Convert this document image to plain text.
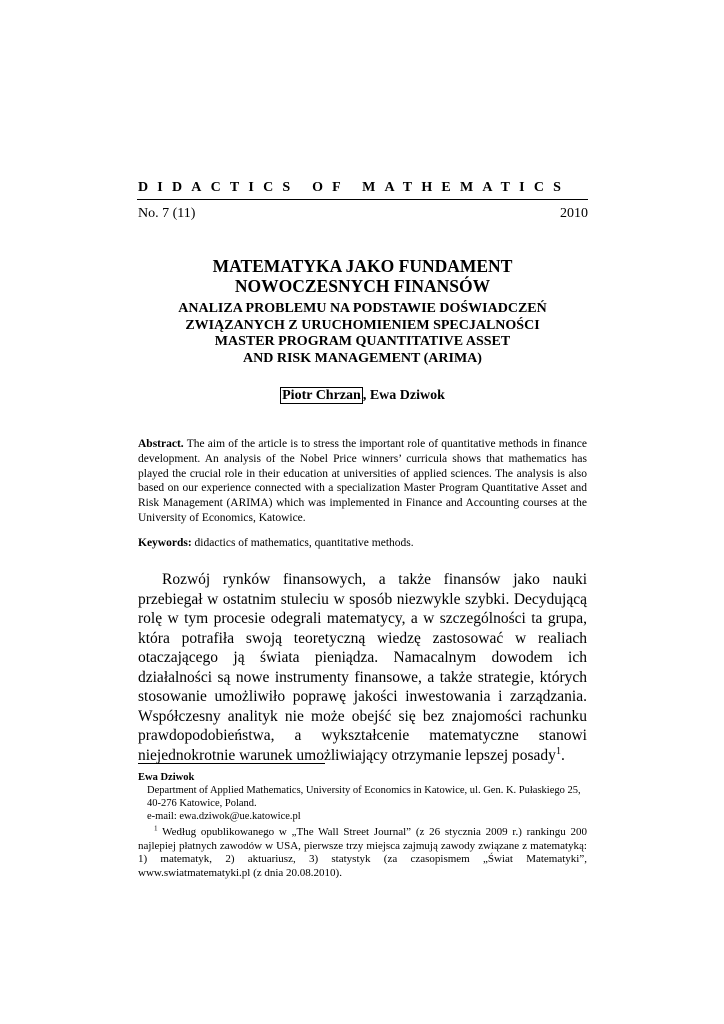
DIDACTICS OF MATHEMATICS
No. 7 (11)	2010
MATEMATYKA JAKO FUNDAMENT
NOWOCZESNYCH FINANSÓW
ANALIZA PROBLEMU NA PODSTAWIE DOŚWIADCZEŃ
ZWIĄZANYCH Z URUCHOMIENIEM SPECJALNOŚCI
MASTER PROGRAM QUANTITATIVE ASSET
AND RISK MANAGEMENT (ARIMA)
Piotr Chrzan , Ewa Dziwok
Abstract. The aim of the article is to stress the important role of quantitative methods in finance development. An analysis of the Nobel Price winners’ curricula shows that mathematics has played the crucial role in their education at universities of applied sciences. The analysis is also based on our experience connected with a specialization Master Program Quantitative Asset and Risk Management (ARIMA) which was implemented in Finance and Accounting courses at the University of Economics, Katowice.
Keywords: didactics of mathematics, quantitative methods.
Rozwój rynków finansowych, a także finansów jako nauki przebiegał w ostatnim stuleciu w sposób niezwykle szybki. Decydującą rolę w tym procesie odegrali matematycy, a w szczególności ta grupa, która potrafiła swoją teoretyczną wiedzę zastosować w realiach otaczającego ją świata pieniądza. Namacalnym dowodem ich działalności są nowe instrumenty finansowe, a także strategie, których stosowanie umożliwiło poprawę jakości inwestowania i zarządzania. Współczesny analityk nie może obejść się bez znajomości rachunku prawdopodobieństwa, a wykształcenie matematyczne stanowi niejednokrotnie warunek umożliwiający otrzymanie lepszej posady$^1$.
Ewa Dziwok
Department of Applied Mathematics, University of Economics in Katowice, ul. Gen. K. Pułaskiego 25,
40-276 Katowice, Poland.
e-mail: ewa.dziwok@ue.katowice.pl
$^1$ Według opublikowanego w „The Wall Street Journal” (z 26 stycznia 2009 r.) rankingu 200 najlepiej płatnych zawodów w USA, pierwsze trzy miejsca zajmują zawody związane z matematyką: 1) matematyk, 2) aktuariusz, 3) statystyk (za czasopismem „Świat Matematyki”, www.swiatmatematyki.pl (z dnia 20.08.2010).
